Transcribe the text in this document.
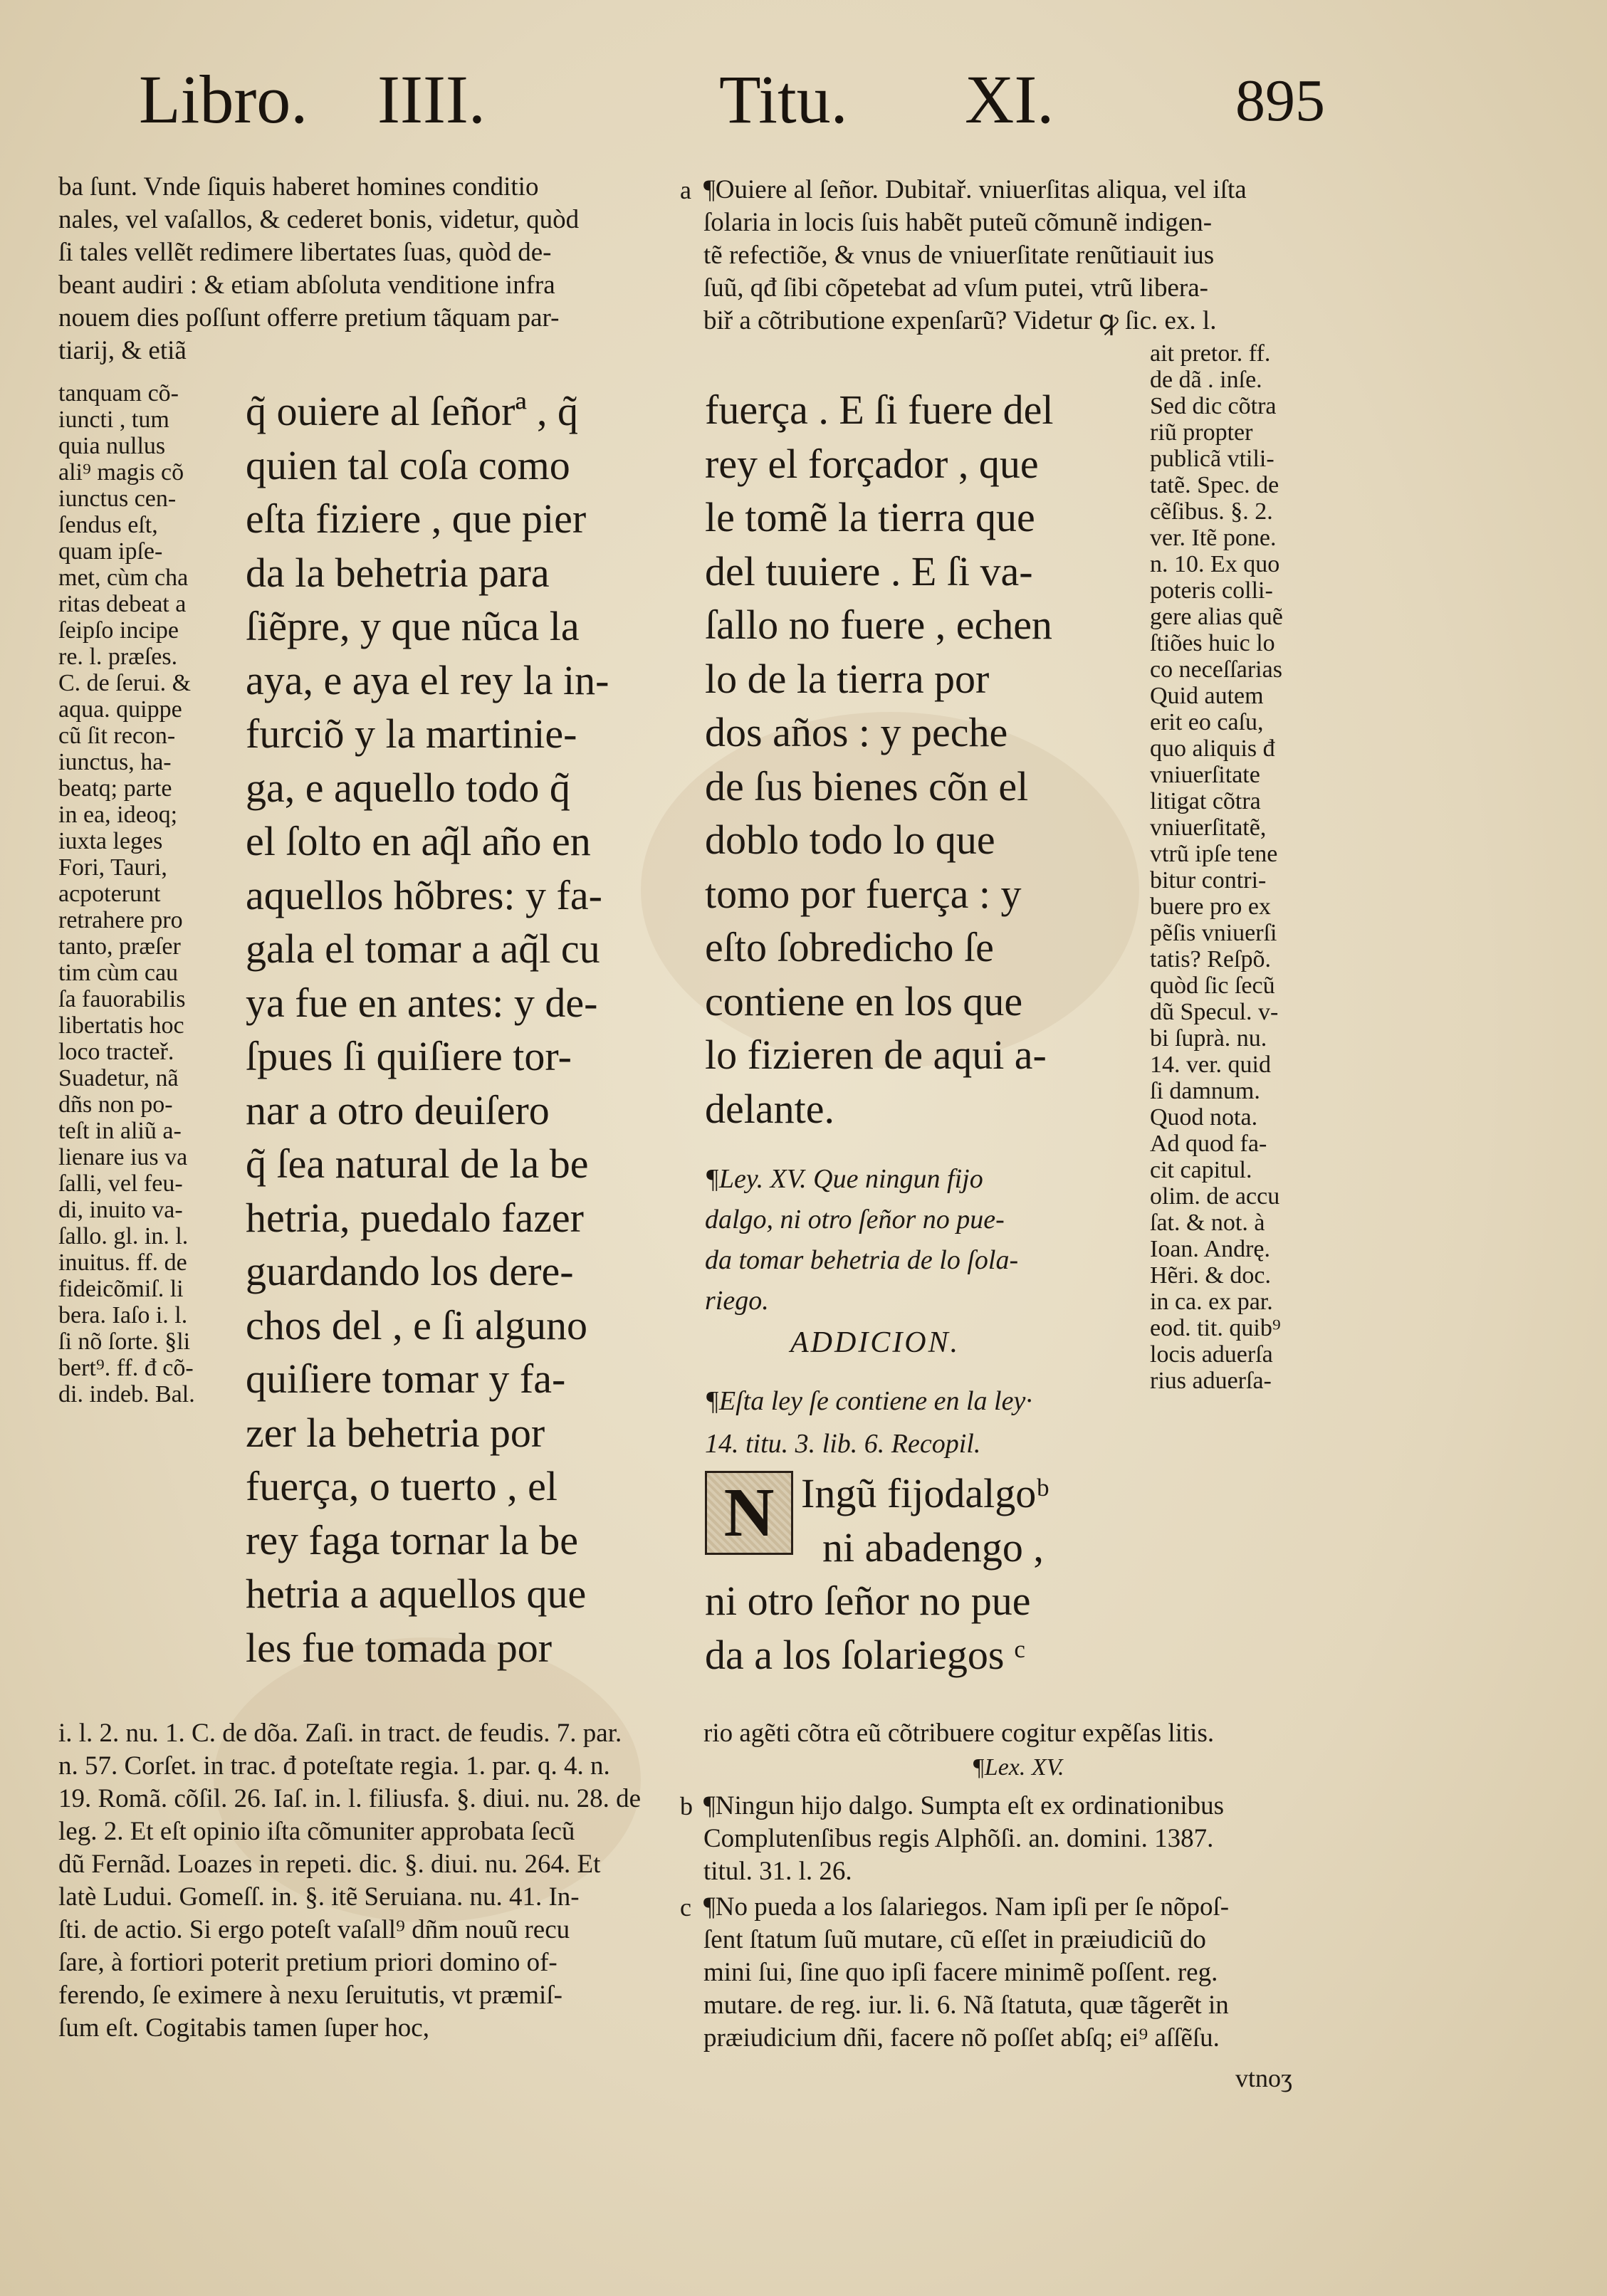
Libro. IIII.	Titu. XI.	895
ba ſunt. Vnde ſiquis haberet homines conditio
nales, vel vaſallos, & cederet bonis, videtur, quòd
ſi tales vellẽt redimere libertates ſuas, quòd de-
beant audiri : & etiam abſoluta venditione infra
nouem dies poſſunt offerre pretium tãquam par-
tiarij, & etiã
tanquam cõ-
iuncti , tum
quia nullus
ali⁹ magis cõ
iunctus cen-
ſendus eſt,
quam ipſe-
met, cùm cha
ritas debeat a
ſeipſo incipe
re. l. præſes.
C. de ſerui. &
aqua. quippe
cũ ſit recon-
iunctus, ha-
beatq; parte
in ea, ideoq;
iuxta leges
Fori, Tauri,
acpoterunt
retrahere pro
tanto, præſer
tim cùm cau
ſa fauorabilis
libertatis hoc
loco tracteř.
Suadetur, nã
dñs non po-
teſt in aliũ a-
lienare ius va
ſalli, vel feu-
di, inuito va-
ſallo. gl. in. l.
inuitus. ff. de
fideicõmiſ. li
bera. Iaſo i. l.
ſi nõ ſorte. §li
bert⁹. ff. đ cõ-
di. indeb. Bal.
q̃ ouiere al ſeñorª , q̃
quien tal coſa como
eſta fiziere , que pier
da la behetria para
ſiẽpre, y que nũca la
aya, e aya el rey la in-
furciõ y la martinie-
ga, e aquello todo q̃
el ſolto en aq̃l año en
aquellos hõbres: y fa-
gala el tomar a aq̃l cu
ya fue en antes: y de-
ſpues ſi quiſiere tor-
nar a otro deuiſero
q̃ ſea natural de la be
hetria, puedalo fazer
guardando los dere-
chos del , e ſi alguno
quiſiere tomar y fa-
zer la behetria por
fuerça, o tuerto , el
rey faga tornar la be
hetria a aquellos que
les fue tomada por
i. l. 2. nu. 1. C. de dõa. Zaſi. in tract. de feudis. 7. par.
n. 57. Corſet. in trac. đ poteſtate regia. 1. par. q. 4. n.
19. Romã. cõſil. 26. Iaſ. in. l. filiusfa. §. diui. nu. 28. de
leg. 2. Et eſt opinio iſta cõmuniter approbata ſecũ
dũ Fernãd. Loazes in repeti. dic. §. diui. nu. 264. Et
latè Ludui. Gomeſſ. in. §. itẽ Seruiana. nu. 41. In-
ſti. de actio. Si ergo poteſt vaſall⁹ dñm nouũ recu
ſare, à fortiori poterit pretium priori domino of-
ferendo, ſe eximere à nexu ſeruitutis, vt præmiſ-
ſum eſt. Cogitabis tamen ſuper hoc,
a ¶Ouiere al ſeñor. Dubitař. vniuerſitas aliqua, vel iſta
ſolaria in locis ſuis habẽt puteũ cõmunẽ indigen-
tẽ refectiõe, & vnus de vniuerſitate renũtiauit ius
ſuũ, qđ ſibi cõpetebat ad vſum putei, vtrũ libera-
biř a cõtributione expenſarũ? Videtur ꝙ ſic. ex. l.
fuerça . E ſi fuere del
rey el forçador , que
le tomẽ la tierra que
del tuuiere . E ſi va-
ſallo no fuere , echen
lo de la tierra por
dos años : y peche
de ſus bienes cõn el
doblo todo lo que
tomo por fuerça : y
eſto ſobredicho ſe
contiene en los que
lo fizieren de aqui a-
delante.
¶Ley. XV. Que ningun fijo
dalgo, ni otro ſeñor no pue-
da tomar behetria de lo ſola-
riego.
ADDICION.
¶Eſta ley ſe contiene en la ley·
14. titu. 3. lib. 6. Recopil.
N Ingũ fijodalgoᵇ
ni abadengo ,
ni otro ſeñor no pue
da a los ſolariegos ᶜ
ait pretor. ff.
de dã . inſe.
Sed dic cõtra
riũ propter
publicã vtili-
tatẽ. Spec. de
cẽſibus. §. 2.
ver. Itẽ pone.
n. 10. Ex quo
poteris colli-
gere alias quẽ
ſtiões huic lo
co neceſſarias
Quid autem
erit eo caſu,
quo aliquis đ
vniuerſitate
litigat cõtra
vniuerſitatẽ,
vtrũ ipſe tene
bitur contri-
buere pro ex
pẽſis vniuerſi
tatis? Reſpõ.
quòd ſic ſecũ
dũ Specul. v-
bi ſuprà. nu.
14. ver. quid
ſi damnum.
Quod nota.
Ad quod fa-
cit capitul.
olim. de accu
ſat. & not. à
Ioan. Andrę.
Hẽri. & doc.
in ca. ex par.
eod. tit. quib⁹
locis aduerſa
rius aduerſa-
rio agẽti cõtra eũ cõtribuere cogitur expẽſas litis.
¶Lex. XV.
b ¶Ningun hijo dalgo. Sumpta eſt ex ordinationibus
Complutenſibus regis Alphõſi. an. domini. 1387.
titul. 31. l. 26.
c ¶No pueda a los ſalariegos. Nam ipſi per ſe nõpoſ-
ſent ſtatum ſuũ mutare, cũ eſſet in præiudiciũ do
mini ſui, ſine quo ipſi facere minimẽ poſſent. reg.
mutare. de reg. iur. li. 6. Nã ſtatuta, quæ tãgerẽt in
præiudicium dñi, facere nõ poſſet abſq; ei⁹ aſſẽſu.
vtnoʒ
